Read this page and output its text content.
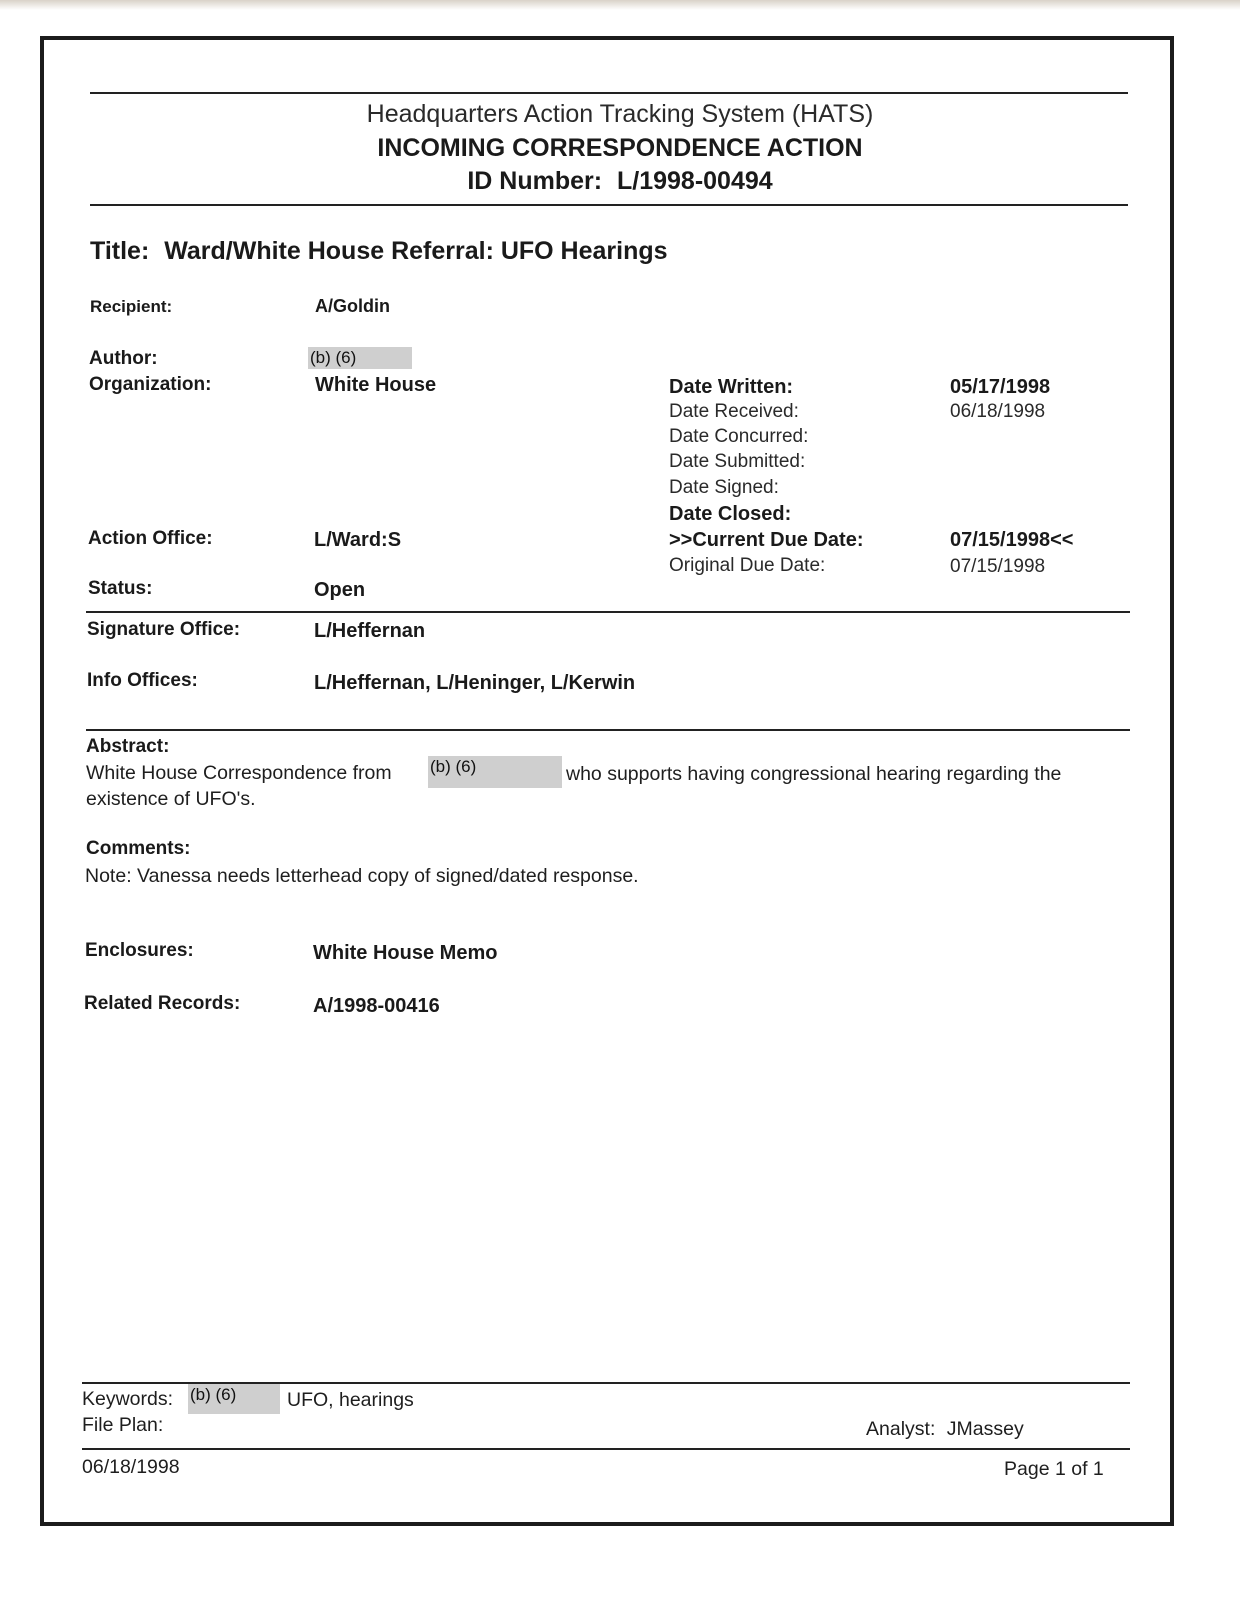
Headquarters Action Tracking System (HATS)
INCOMING CORRESPONDENCE ACTION
ID Number: L/1998-00494
Title: Ward/White House Referral: UFO Hearings
Recipient:	A/Goldin
Author:	(b) (6)
Organization:	White House
Action Office:	L/Ward:S
Status:	Open
Date Written:	05/17/1998
Date Received:	06/18/1998
Date Concurred:
Date Submitted:
Date Signed:
Date Closed:
>>Current Due Date:	07/15/1998<<
Original Due Date:	07/15/1998
Signature Office:	L/Heffernan
Info Offices:	L/Heffernan, L/Heninger, L/Kerwin
Abstract:
White House Correspondence from (b) (6)	who supports having congressional hearing regarding the
existence of UFO's.
Comments:
Note: Vanessa needs letterhead copy of signed/dated response.
Enclosures:	White House Memo
Related Records:	A/1998-00416
Keywords: (b) (6)	UFO, hearings
File Plan:	Analyst: JMassey
06/18/1998	Page 1 of 1
